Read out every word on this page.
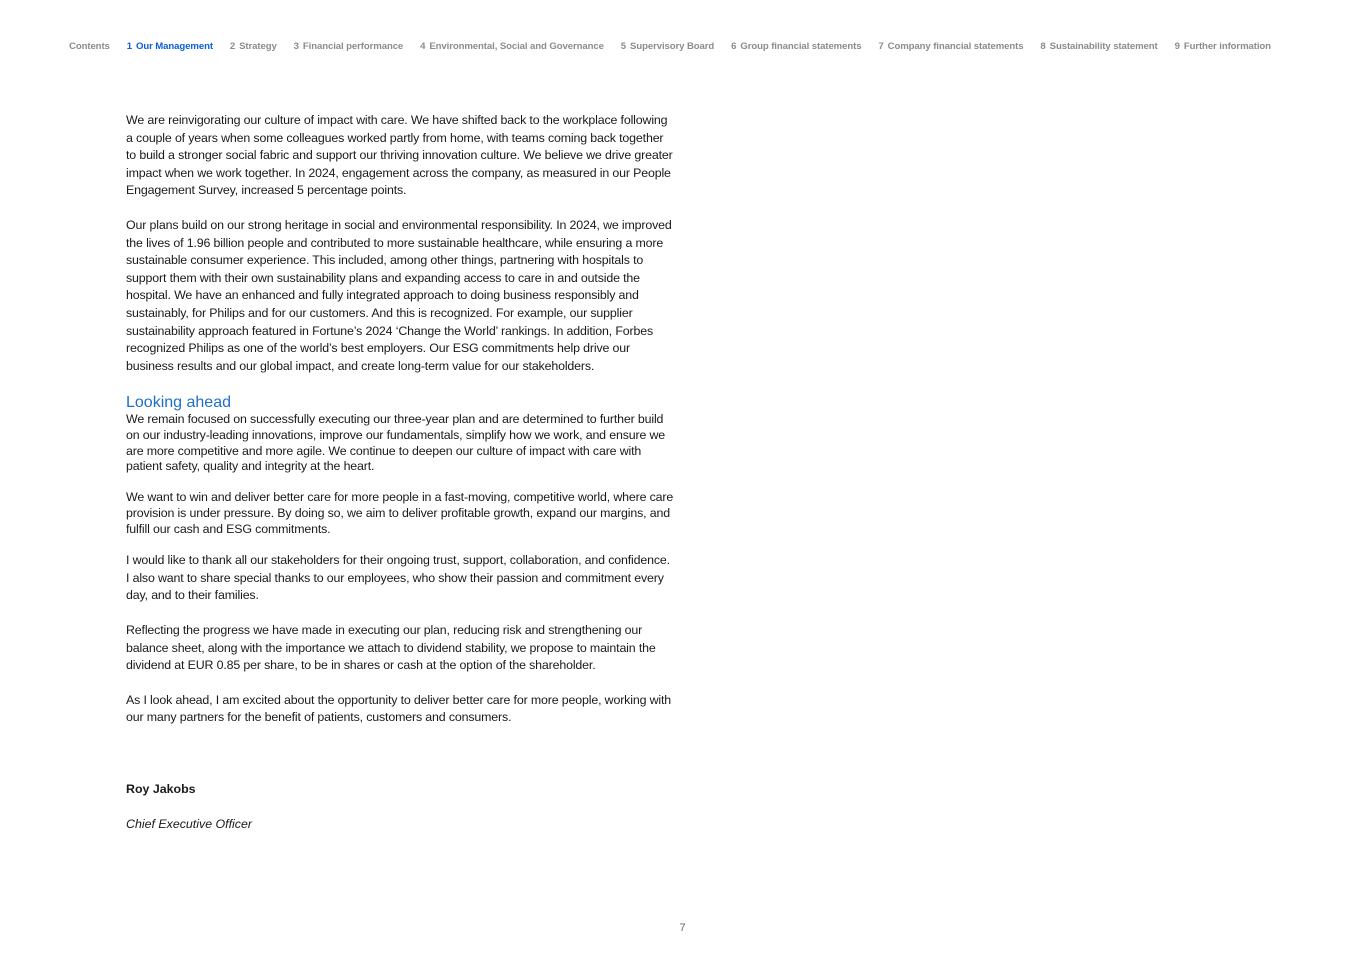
Contents 1 Our Management 2 Strategy 3 Financial performance 4 Environmental, Social and Governance 5 Supervisory Board 6 Group financial statements 7 Company financial statements 8 Sustainability statement 9 Further information

We are reinvigorating our culture of impact with care. We have shifted back to the workplace following a couple of years when some colleagues worked partly from home, with teams coming back together to build a stronger social fabric and support our thriving innovation culture. We believe we drive greater impact when we work together. In 2024, engagement across the company, as measured in our People Engagement Survey, increased 5 percentage points.

Our plans build on our strong heritage in social and environmental responsibility. In 2024, we improved the lives of 1.96 billion people and contributed to more sustainable healthcare, while ensuring a more sustainable consumer experience. This included, among other things, partnering with hospitals to support them with their own sustainability plans and expanding access to care in and outside the hospital. We have an enhanced and fully integrated approach to doing business responsibly and sustainably, for Philips and for our customers. And this is recognized. For example, our supplier sustainability approach featured in Fortune’s 2024 ‘Change the World’ rankings. In addition, Forbes recognized Philips as one of the world’s best employers. Our ESG commitments help drive our business results and our global impact, and create long-term value for our stakeholders.

Looking ahead

We remain focused on successfully executing our three-year plan and are determined to further build on our industry-leading innovations, improve our fundamentals, simplify how we work, and ensure we are more competitive and more agile. We continue to deepen our culture of impact with care with patient safety, quality and integrity at the heart.

We want to win and deliver better care for more people in a fast-moving, competitive world, where care provision is under pressure. By doing so, we aim to deliver profitable growth, expand our margins, and fulfill our cash and ESG commitments.

I would like to thank all our stakeholders for their ongoing trust, support, collaboration, and confidence. I also want to share special thanks to our employees, who show their passion and commitment every day, and to their families.

Reflecting the progress we have made in executing our plan, reducing risk and strengthening our balance sheet, along with the importance we attach to dividend stability, we propose to maintain the dividend at EUR 0.85 per share, to be in shares or cash at the option of the shareholder.

As I look ahead, I am excited about the opportunity to deliver better care for more people, working with our many partners for the benefit of patients, customers and consumers.

Roy Jakobs
Chief Executive Officer
7
